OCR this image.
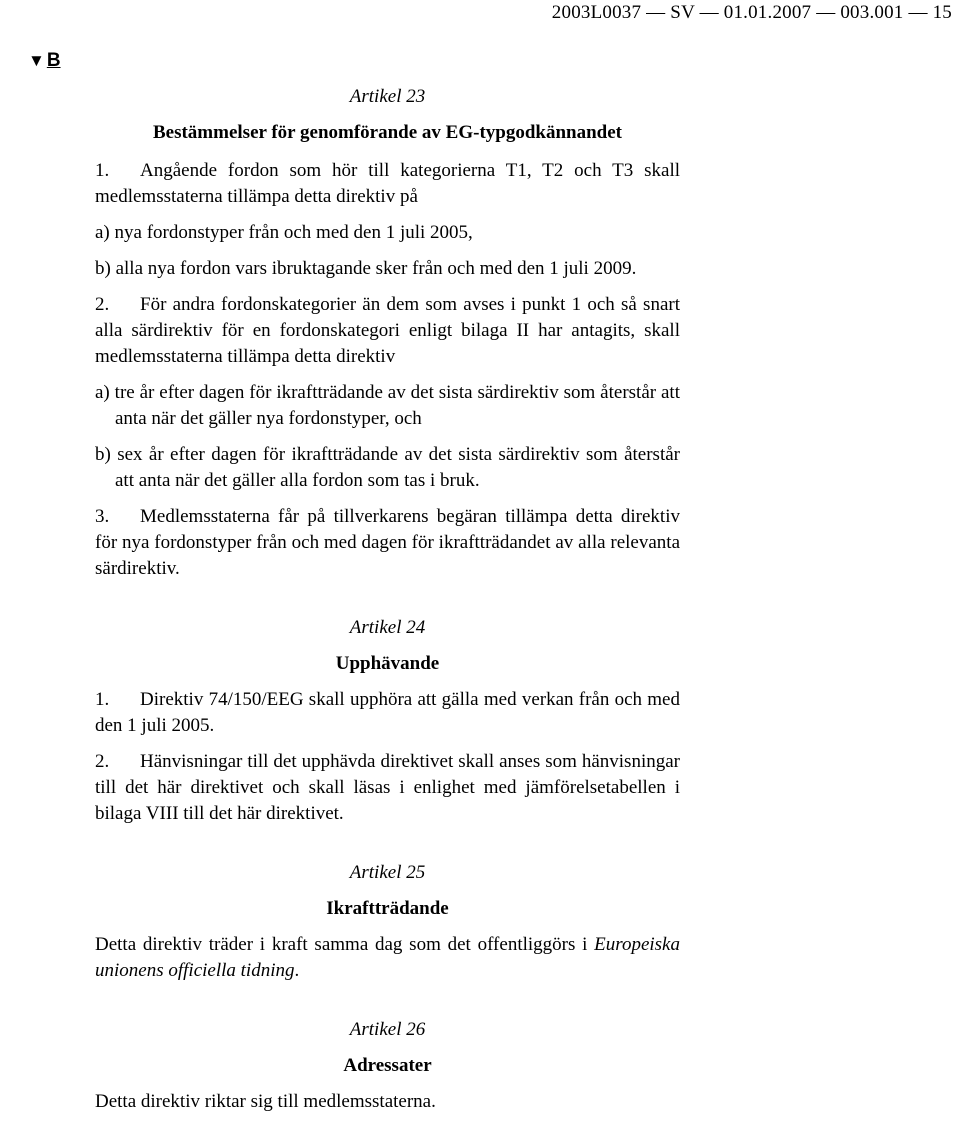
2003L0037 — SV — 01.01.2007 — 003.001 — 15
▼ B

Artikel 23

Bestämmelser för genomförande av EG-typgodkännandet

1. Angående fordon som hör till kategorierna T1, T2 och T3 skall medlemsstaterna tillämpa detta direktiv på

a) nya fordonstyper från och med den 1 juli 2005,

b) alla nya fordon vars ibruktagande sker från och med den 1 juli 2009.

2. För andra fordonskategorier än dem som avses i punkt 1 och så snart alla särdirektiv för en fordonskategori enligt bilaga II har antagits, skall medlemsstaterna tillämpa detta direktiv

a) tre år efter dagen för ikraftträdande av det sista särdirektiv som återstår att anta när det gäller nya fordonstyper, och

b) sex år efter dagen för ikraftträdande av det sista särdirektiv som återstår att anta när det gäller alla fordon som tas i bruk.

3. Medlemsstaterna får på tillverkarens begäran tillämpa detta direktiv för nya fordonstyper från och med dagen för ikraftträdandet av alla relevanta särdirektiv.

Artikel 24

Upphävande

1. Direktiv 74/150/EEG skall upphöra att gälla med verkan från och med den 1 juli 2005.

2. Hänvisningar till det upphävda direktivet skall anses som hänvisningar till det här direktivet och skall läsas i enlighet med jämförelsetabellen i bilaga VIII till det här direktivet.

Artikel 25

Ikraftträdande

Detta direktiv träder i kraft samma dag som det offentliggörs i Europeiska unionens officiella tidning.

Artikel 26

Adressater

Detta direktiv riktar sig till medlemsstaterna.
